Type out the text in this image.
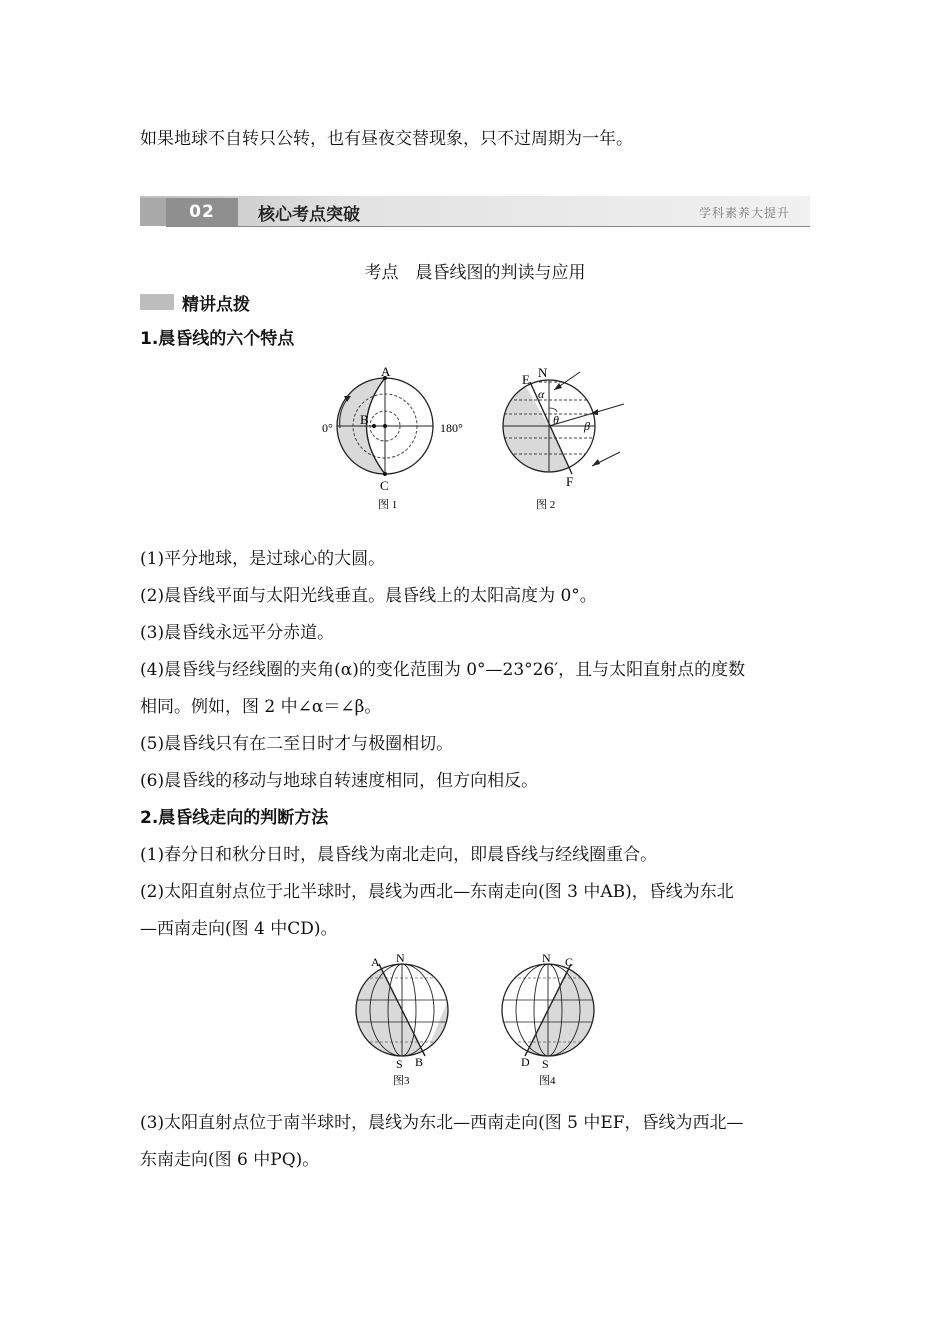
如果地球不自转只公转，也有昼夜交替现象，只不过周期为一年。
02	核心考点突破	学科素养大提升
考点　晨昏线图的判读与应用
精讲点拨
1.晨昏线的六个特点
A
B
C
0°	180°
图 1
N
E
F
α
θ β
图 2
(1)平分地球，是过球心的大圆。
(2)晨昏线平面与太阳光线垂直。晨昏线上的太阳高度为 0°。
(3)晨昏线永远平分赤道。
(4)晨昏线与经线圈的夹角(α)的变化范围为 0°—23°26′，且与太阳直射点的度数
相同。例如，图 2 中∠α＝∠β。
(5)晨昏线只有在二至日时才与极圈相切。
(6)晨昏线的移动与地球自转速度相同，但方向相反。
2.晨昏线走向的判断方法
(1)春分日和秋分日时，晨昏线为南北走向，即晨昏线与经线圈重合。
(2)太阳直射点位于北半球时，晨线为西北—东南走向(图 3 中AB)，昏线为东北
—西南走向(图 4 中CD)。
A N
S B
图3
N C
D S
图4
(3)太阳直射点位于南半球时，晨线为东北—西南走向(图 5 中EF，昏线为西北—
东南走向(图 6 中PQ)。
